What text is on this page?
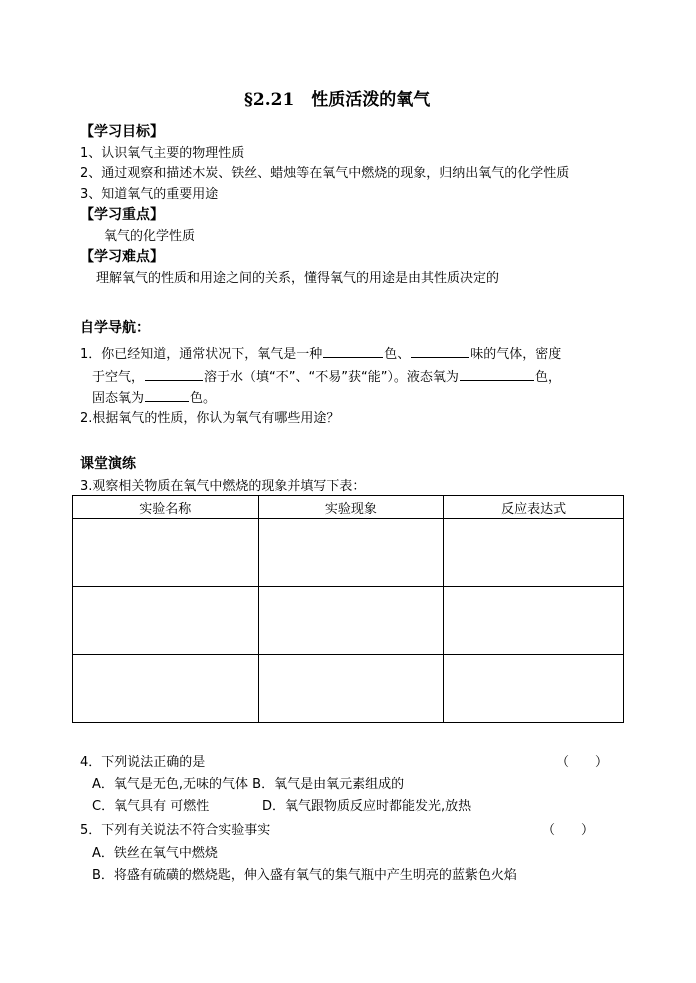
§2.21　性质活泼的氧气
【学习目标】
1、认识氧气主要的物理性质
2、通过观察和描述木炭、铁丝、蜡烛等在氧气中燃烧的现象，归纳出氧气的化学性质
3、知道氧气的重要用途
【学习重点】
氧气的化学性质
【学习难点】
理解氧气的性质和用途之间的关系，懂得氧气的用途是由其性质决定的
自学导航：
1．你已经知道，通常状况下，氧气是一种	色、	味的气体，密度
于空气，	溶于水（填“不”、“不易”获“能”）。液态氧为	色，
固态氧为	色。
2.根据氧气的性质，你认为氧气有哪些用途？
课堂演练
3.观察相关物质在氧气中燃烧的现象并填写下表：
实验名称	实验现象	反应表达式

4．下列说法正确的是	（　　）
A．氧气是无色,无味的气体 B．氧气是由氧元素组成的
C．氧气具有 可燃性	D．氧气跟物质反应时都能发光,放热
5．下列有关说法不符合实验事实	（　　）
A．铁丝在氧气中燃烧
B．将盛有硫磺的燃烧匙，伸入盛有氧气的集气瓶中产生明亮的蓝紫色火焰
